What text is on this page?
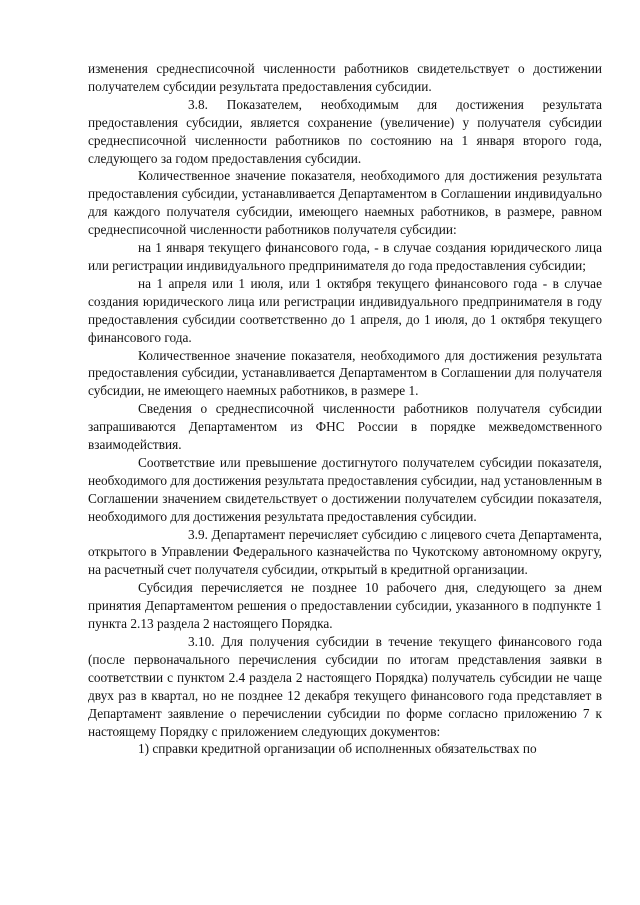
изменения среднесписочной численности работников свидетельствует о достижении получателем субсидии результата предоставления субсидии.

3.8. Показателем, необходимым для достижения результата предоставления субсидии, является сохранение (увеличение) у получателя субсидии среднесписочной численности работников по состоянию на 1 января второго года, следующего за годом предоставления субсидии.

Количественное значение показателя, необходимого для достижения результата предоставления субсидии, устанавливается Департаментом в Соглашении индивидуально для каждого получателя субсидии, имеющего наемных работников, в размере, равном среднесписочной численности работников получателя субсидии:

на 1 января текущего финансового года, - в случае создания юридического лица или регистрации индивидуального предпринимателя до года предоставления субсидии;

на 1 апреля или 1 июля, или 1 октября текущего финансового года - в случае создания юридического лица или регистрации индивидуального предпринимателя в году предоставления субсидии соответственно до 1 апреля, до 1 июля, до 1 октября текущего финансового года.

Количественное значение показателя, необходимого для достижения результата предоставления субсидии, устанавливается Департаментом в Соглашении для получателя субсидии, не имеющего наемных работников, в размере 1.

Сведения о среднесписочной численности работников получателя субсидии запрашиваются Департаментом из ФНС России в порядке межведомственного взаимодействия.

Соответствие или превышение достигнутого получателем субсидии показателя, необходимого для достижения результата предоставления субсидии, над установленным в Соглашении значением свидетельствует о достижении получателем субсидии показателя, необходимого для достижения результата предоставления субсидии.

3.9. Департамент перечисляет субсидию с лицевого счета Департамента, открытого в Управлении Федерального казначейства по Чукотскому автономному округу, на расчетный счет получателя субсидии, открытый в кредитной организации.

Субсидия перечисляется не позднее 10 рабочего дня, следующего за днем принятия Департаментом решения о предоставлении субсидии, указанного в подпункте 1 пункта 2.13 раздела 2 настоящего Порядка.

3.10. Для получения субсидии в течение текущего финансового года (после первоначального перечисления субсидии по итогам представления заявки в соответствии с пунктом 2.4 раздела 2 настоящего Порядка) получатель субсидии не чаще двух раз в квартал, но не позднее 12 декабря текущего финансового года представляет в Департамент заявление о перечислении субсидии по форме согласно приложению 7 к настоящему Порядку с приложением следующих документов:

1) справки кредитной организации об исполненных обязательствах по
